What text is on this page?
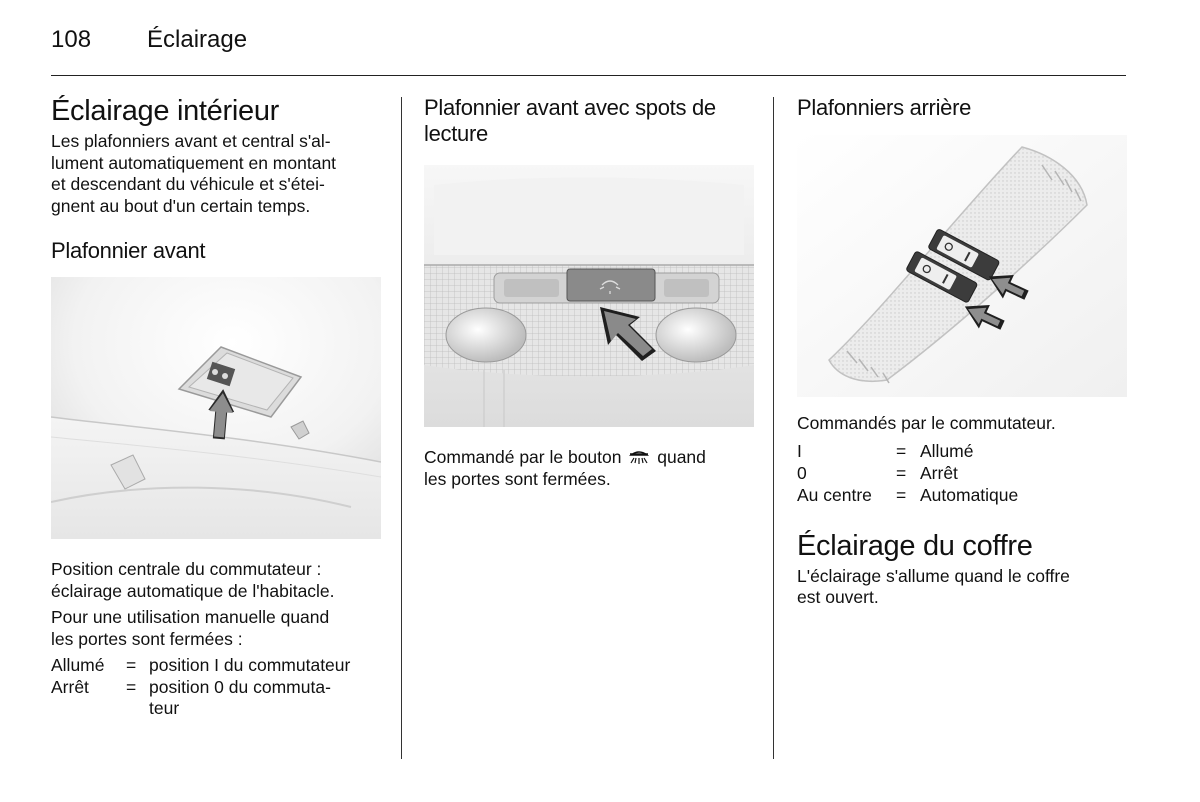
108 Éclairage
Éclairage intérieur

Les plafonniers avant et central s'al-
lument automatiquement en montant
et descendant du véhicule et s'étei-
gnent au bout d'un certain temps.

Plafonnier avant

Position centrale du commutateur :
éclairage automatique de l'habitacle.

Pour une utilisation manuelle quand
les portes sont fermées :

Allumé	= position I du commutateur
Arrêt	= position 0 du commuta-
teur
Plafonnier avant avec spots de
lecture

Commandé par le bouton quand
les portes sont fermées.

Plafonniers arrière

Commandés par le commutateur.

I	= Allumé
0	= Arrêt
Au centre	= Automatique
Éclairage du coffre

L'éclairage s'allume quand le coffre
est ouvert.
